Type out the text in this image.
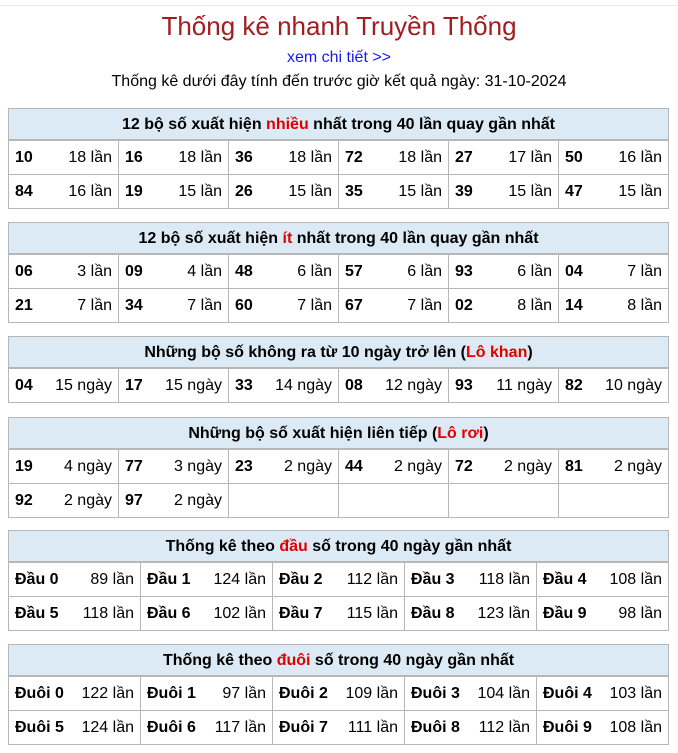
Thống kê nhanh Truyền Thống
xem chi tiết >>
Thống kê dưới đây tính đến trước giờ kết quả ngày: 31-10-2024
12 bộ số xuất hiện nhiều nhất trong 40 lần quay gần nhất
10 18 lần	16 18 lần	36 18 lần	72 18 lần	27 17 lần	50 16 lần

84 16 lần	19 15 lần	26 15 lần	35 15 lần	39 15 lần	47 15 lần
12 bộ số xuất hiện ít nhất trong 40 lần quay gần nhất
06 3 lần	09 4 lần	48 6 lần	57 6 lần	93 6 lần	04 7 lần

21 7 lần	34 7 lần	60 7 lần	67 7 lần	02 8 lần	14 8 lần
Những bộ số không ra từ 10 ngày trở lên (Lô khan)
04 15 ngày	17 15 ngày	33 14 ngày	08 12 ngày	93 11 ngày	82 10 ngày
Những bộ số xuất hiện liên tiếp (Lô rơi)
19 4 ngày	77 3 ngày	23 2 ngày	44 2 ngày	72 2 ngày	81 2 ngày

92 2 ngày	97 2 ngày				

Thống kê theo đầu số trong 40 ngày gần nhất
Đầu 0 89 lần	Đầu 1 124 lần	Đầu 2 112 lần	Đầu 3 118 lần	Đầu 4 108 lần

Đầu 5 118 lần	Đầu 6 102 lần	Đầu 7 115 lần	Đầu 8 123 lần	Đầu 9 98 lần
Thống kê theo đuôi số trong 40 ngày gần nhất
Đuôi 0 122 lần	Đuôi 1 97 lần	Đuôi 2 109 lần	Đuôi 3 104 lần	Đuôi 4 103 lần

Đuôi 5 124 lần	Đuôi 6 117 lần	Đuôi 7 111 lần	Đuôi 8 112 lần	Đuôi 9 108 lần
